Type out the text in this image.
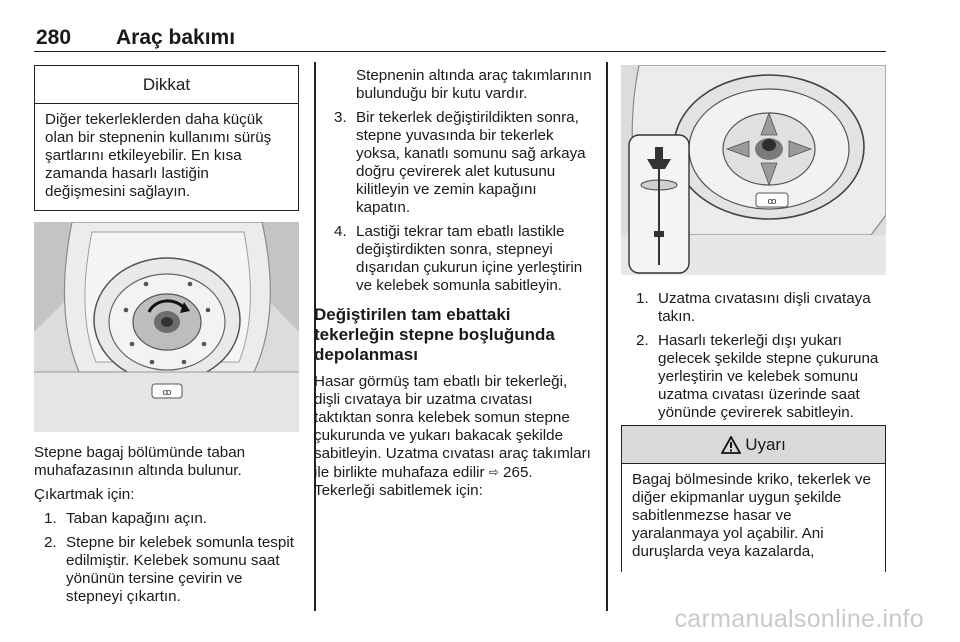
280 Araç bakımı
Dikkat
Diğer tekerleklerden daha küçük olan bir stepnenin kullanımı sürüş şartlarını etkileyebilir. En kısa zamanda hasarlı lastiğin değişmesini sağlayın.
ꝏ

Stepne bagaj bölümünde taban muhafazasının altında bulunur.

Çıkartmak için:

1. Taban kapağını açın.
2. Stepne bir kelebek somunla tespit edilmiştir. Kelebek somunu saat yönünün tersine çevirin ve stepneyi çıkartın.
Stepnenin altında araç takımlarının bulunduğu bir kutu vardır.
3. Bir tekerlek değiştirildikten sonra, stepne yuvasında bir tekerlek yoksa, kanatlı somunu sağ arkaya doğru çevirerek alet kutusunu kilitleyin ve zemin kapağını kapatın.
4. Lastiği tekrar tam ebatlı lastikle değiştirdikten sonra, stepneyi dışarıdan çukurun içine yerleştirin ve kelebek somunla sabitleyin.
Değiştirilen tam ebattaki tekerleğin stepne boşluğunda depolanması

Hasar görmüş tam ebatlı bir tekerleği, dişli cıvataya bir uzatma cıvatası taktıktan sonra kelebek somun stepne çukurunda ve yukarı bakacak şekilde sabitleyin. Uzatma cıvatası araç takımları ile birlikte muhafaza edilir ⇨ 265. Tekerleği sabitlemek için:

ꝏ
1. Uzatma cıvatasını dişli cıvataya takın.
2. Hasarlı tekerleği dışı yukarı gelecek şekilde stepne çukuruna yerleştirin ve kelebek somunu uzatma cıvatası üzerinde saat yönünde çevirerek sabitleyin.
Uyarı
Bagaj bölmesinde kriko, tekerlek ve diğer ekipmanlar uygun şekilde sabitlenmezse hasar ve yaralanmaya yol açabilir. Ani duruşlarda veya kazalarda,
carmanualsonline.info
